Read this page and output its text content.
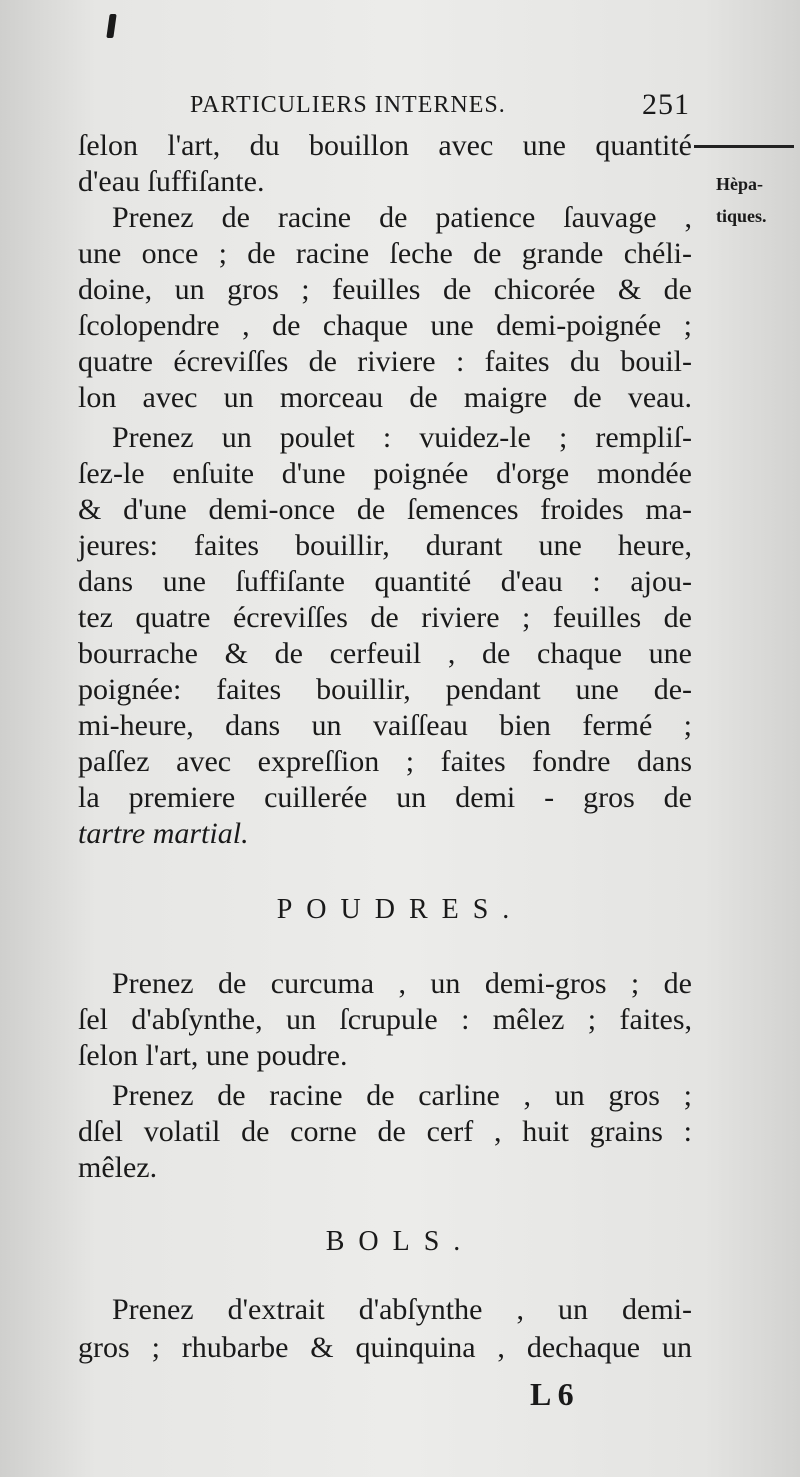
PARTICULIERS INTERNES.	251
Hèpa-
tiques.
ſelon l'art, du bouillon avec une quantité
d'eau ſuffiſante.
Prenez de racine de patience ſauvage ,
une once ; de racine ſeche de grande chéli-
doine, un gros ; feuilles de chicorée & de
ſcolopendre , de chaque une demi-poignée ;
quatre écreviſſes de riviere : faites du bouil-
lon avec un morceau de maigre de veau.
Prenez un poulet : vuidez-le ; rempliſ-
ſez-le enſuite d'une poignée d'orge mondée
& d'une demi-once de ſemences froides ma-
jeures: faites bouillir, durant une heure,
dans une ſuffiſante quantité d'eau : ajou-
tez quatre écreviſſes de riviere ; feuilles de
bourrache & de cerfeuil , de chaque une
poignée: faites bouillir, pendant une de-
mi-heure, dans un vaiſſeau bien fermé ;
paſſez avec expreſſion ; faites fondre dans
la premiere cuillerée un demi - gros de
tartre martial.
POUDRES.
Prenez de curcuma , un demi-gros ; de
ſel d'abſynthe, un ſcrupule : mêlez ; faites,
ſelon l'art, une poudre.
Prenez de racine de carline , un gros ;
dſel volatil de corne de cerf , huit grains :
mêlez.
BOLS.
Prenez d'extrait d'abſynthe , un demi-
gros ; rhubarbe & quinquina , dechaque un
L 6
